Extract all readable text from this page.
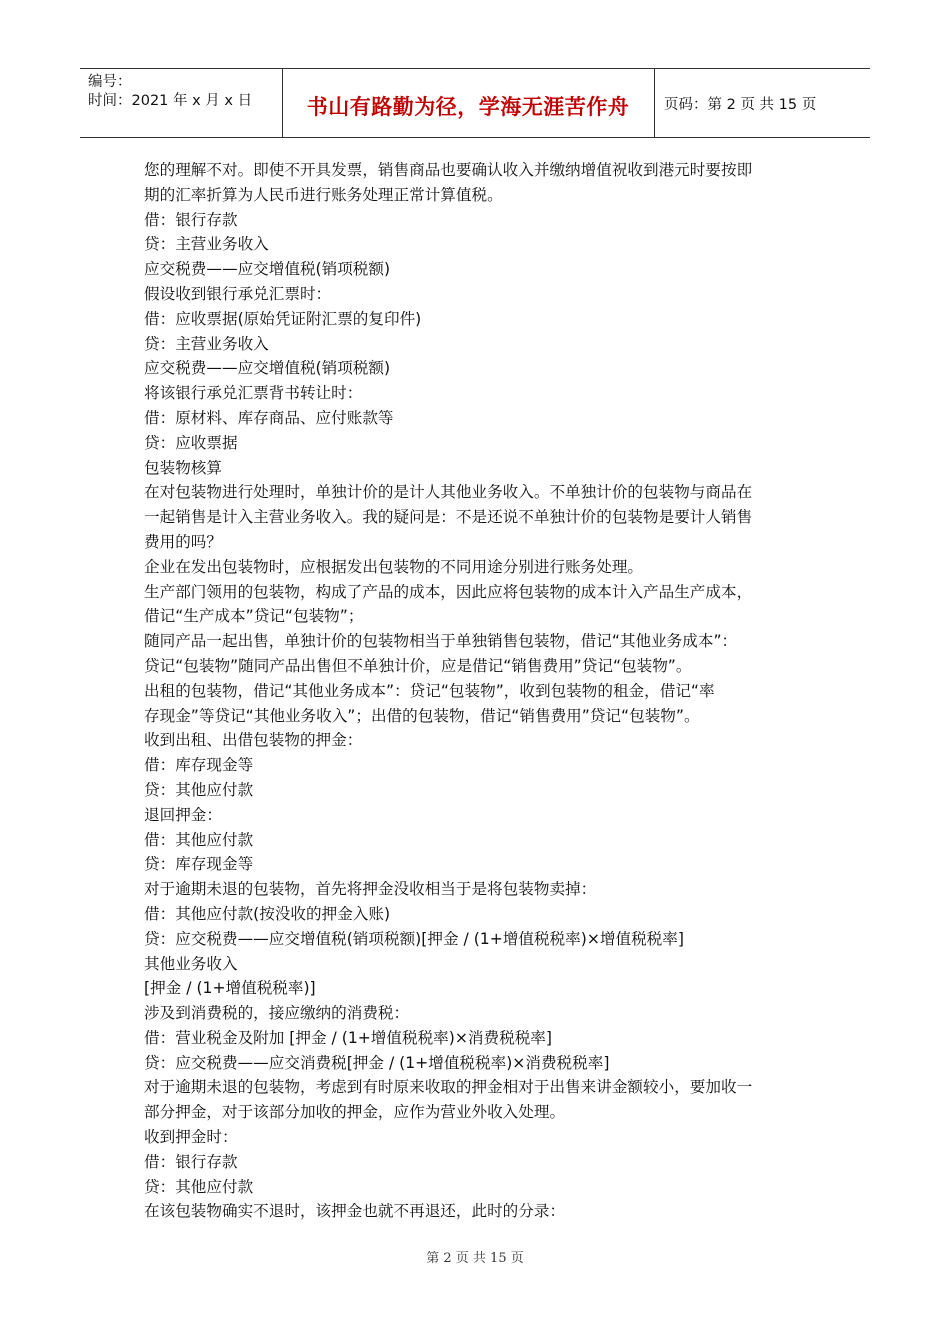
编号：
时间：2021 年 x 月 x 日	书山有路勤为径，学海无涯苦作舟	页码：第 2 页 共 15 页
您的理解不对。即使不开具发票，销售商品也要确认收入并缴纳增值祝收到港元时要按即
期的汇率折算为人民币进行账务处理正常计算值税。
借：银行存款
贷：主营业务收入
应交税费——应交增值税(销项税额)
假设收到银行承兑汇票时：
借：应收票据(原始凭证附汇票的复印件)
贷：主营业务收入
应交税费——应交增值税(销项税额)
将该银行承兑汇票背书转让时：
借：原材料、库存商品、应付账款等
贷：应收票据
包装物核算
在对包装物进行处理时，单独计价的是计人其他业务收入。不单独计价的包装物与商品在
一起销售是计入主营业务收入。我的疑问是：不是还说不单独计价的包装物是要计人销售
费用的吗？
企业在发出包装物时，应根据发出包装物的不同用途分别进行账务处理。
生产部门领用的包装物，构成了产品的成本，因此应将包装物的成本计入产品生产成本，
借记“生产成本”贷记“包装物”；
随同产品一起出售，单独计价的包装物相当于单独销售包装物，借记“其他业务成本”：
贷记“包装物”随同产品出售但不单独计价，应是借记“销售费用”贷记“包装物”。
出租的包装物，借记“其他业务成本”：贷记“包装物”，收到包装物的租金，借记“率
存现金”等贷记“其他业务收入”；出借的包装物，借记“销售费用”贷记“包装物”。
收到出租、出借包装物的押金：
借：库存现金等
贷：其他应付款
退回押金：
借：其他应付款
贷：库存现金等
对于逾期未退的包装物，首先将押金没收相当于是将包装物卖掉：
借：其他应付款(按没收的押金入账)
贷：应交税费——应交增值税(销项税额)[押金 / (1+增值税税率)×增值税税率]
其他业务收入
[押金 / (1+增值税税率)]
涉及到消费税的，接应缴纳的消费税：
借：营业税金及附加 [押金 / (1+增值税税率)×消费税税率]
贷：应交税费——应交消费税[押金 / (1+增值税税率)×消费税税率]
对于逾期未退的包装物，考虑到有时原来收取的押金相对于出售来讲金额较小，要加收一
部分押金，对于该部分加收的押金，应作为营业外收入处理。
收到押金时：
借：银行存款
贷：其他应付款
在该包装物确实不退时，该押金也就不再退还，此时的分录：
第 2 页 共 15 页
